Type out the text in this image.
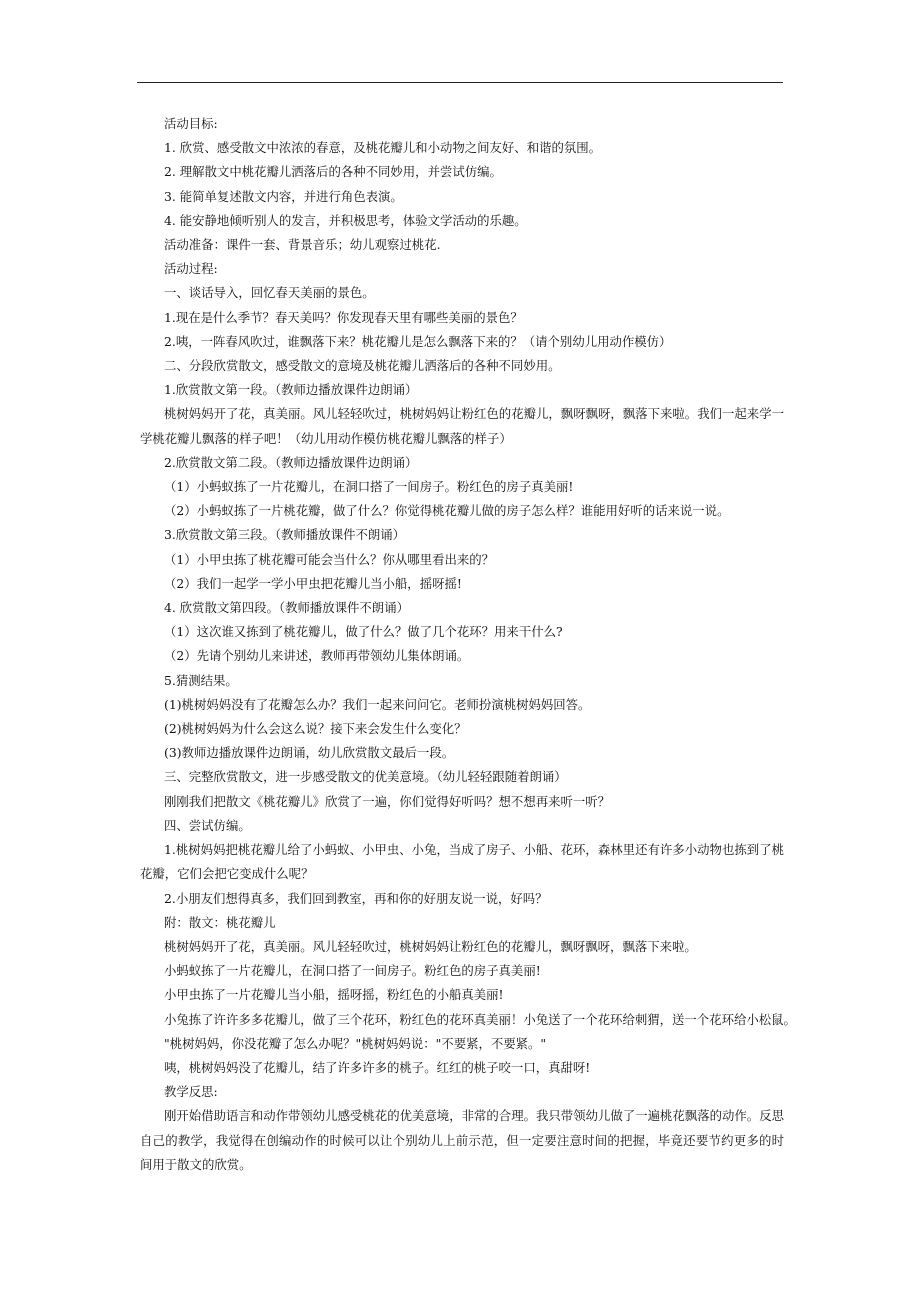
活动目标:

1. 欣赏、感受散文中浓浓的春意，及桃花瓣儿和小动物之间友好、和谐的氛围。

2. 理解散文中桃花瓣儿洒落后的各种不同妙用，并尝试仿编。

3. 能简单复述散文内容，并进行角色表演。

4. 能安静地倾听别人的发言，并积极思考，体验文学活动的乐趣。

活动准备：课件一套、背景音乐；幼儿观察过桃花.

活动过程:

一、谈话导入，回忆春天美丽的景色。

1.现在是什么季节？春天美吗？你发现春天里有哪些美丽的景色？

2.咦，一阵春风吹过，谁飘落下来？桃花瓣儿是怎么飘落下来的？（请个别幼儿用动作模仿）

二、分段欣赏散文，感受散文的意境及桃花瓣儿洒落后的各种不同妙用。

1.欣赏散文第一段。（教师边播放课件边朗诵）

桃树妈妈开了花，真美丽。风儿轻轻吹过，桃树妈妈让粉红色的花瓣儿，飘呀飘呀，飘落下来啦。我们一起来学一学桃花瓣儿飘落的样子吧！（幼儿用动作模仿桃花瓣儿飘落的样子）

2.欣赏散文第二段。（教师边播放课件边朗诵）

（1）小蚂蚁拣了一片花瓣儿，在洞口搭了一间房子。粉红色的房子真美丽!

（2）小蚂蚁拣了一片桃花瓣，做了什么？你觉得桃花瓣儿做的房子怎么样？谁能用好听的话来说一说。

3.欣赏散文第三段。（教师播放课件不朗诵）

（1）小甲虫拣了桃花瓣可能会当什么？你从哪里看出来的？

（2）我们一起学一学小甲虫把花瓣儿当小船，摇呀摇!

4. 欣赏散文第四段。（教师播放课件不朗诵）

（1）这次谁又拣到了桃花瓣儿，做了什么？做了几个花环？用来干什么?

（2）先请个别幼儿来讲述，教师再带领幼儿集体朗诵。

5.猜测结果。

(1)桃树妈妈没有了花瓣怎么办？我们一起来问问它。老师扮演桃树妈妈回答。

(2)桃树妈妈为什么会这么说？接下来会发生什么变化？

(3)教师边播放课件边朗诵，幼儿欣赏散文最后一段。

三、完整欣赏散文，进一步感受散文的优美意境。（幼儿轻轻跟随着朗诵）

刚刚我们把散文《桃花瓣儿》欣赏了一遍，你们觉得好听吗？想不想再来听一听？

四、尝试仿编。

1.桃树妈妈把桃花瓣儿给了小蚂蚁、小甲虫、小兔，当成了房子、小船、花环，森林里还有许多小动物也拣到了桃花瓣，它们会把它变成什么呢？

2.小朋友们想得真多，我们回到教室，再和你的好朋友说一说，好吗？

附：散文：桃花瓣儿

桃树妈妈开了花，真美丽。风儿轻轻吹过，桃树妈妈让粉红色的花瓣儿，飘呀飘呀，飘落下来啦。

小蚂蚁拣了一片花瓣儿，在洞口搭了一间房子。粉红色的房子真美丽!

小甲虫拣了一片花瓣儿当小船，摇呀摇，粉红色的小船真美丽!

小兔拣了许许多多花瓣儿，做了三个花环，粉红色的花环真美丽！小兔送了一个花环给刺猬，送一个花环给小松鼠。

"桃树妈妈，你没花瓣了怎么办呢？"桃树妈妈说："不要紧，不要紧。"

咦，桃树妈妈没了花瓣儿，结了许多许多的桃子。红红的桃子咬一口，真甜呀!

教学反思:

刚开始借助语言和动作带领幼儿感受桃花的优美意境，非常的合理。我只带领幼儿做了一遍桃花飘落的动作。反思自己的教学，我觉得在创编动作的时候可以让个别幼儿上前示范，但一定要注意时间的把握，毕竟还要节约更多的时间用于散文的欣赏。
